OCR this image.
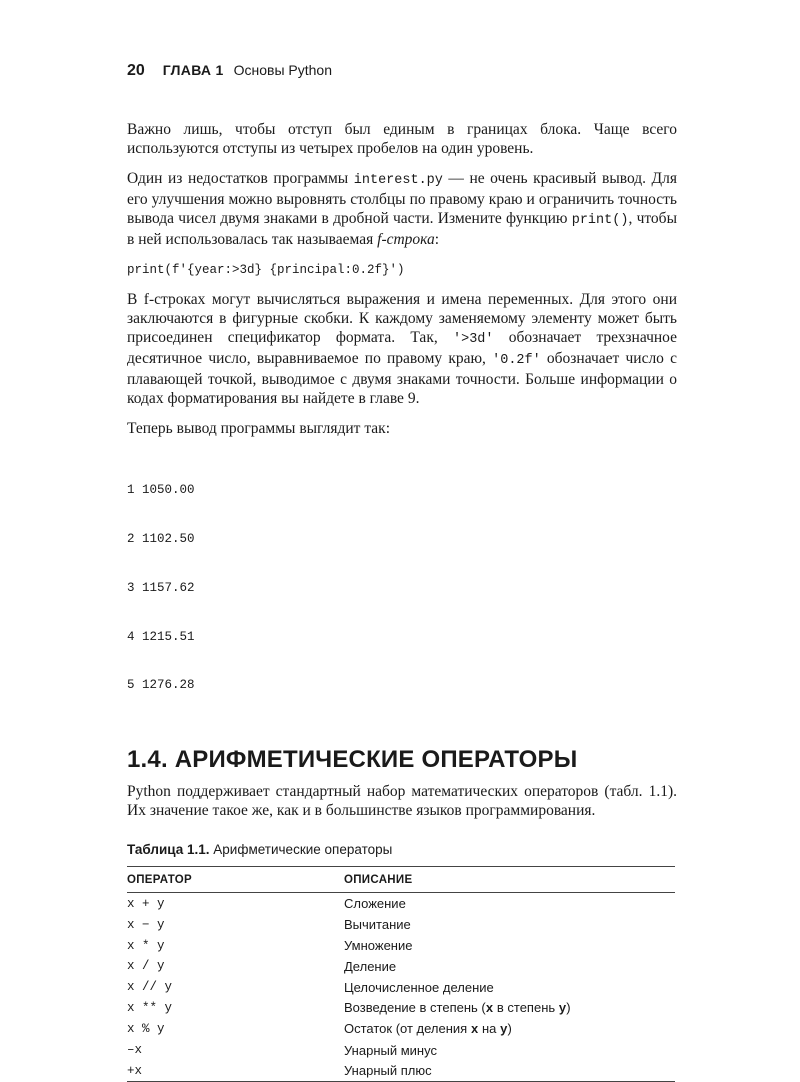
20 ГЛАВА 1 Основы Python

Важно лишь, чтобы отступ был единым в границах блока. Чаще всего используются отступы из четырех пробелов на один уровень.

Один из недостатков программы interest.py — не очень красивый вывод. Для его улучшения можно выровнять столбцы по правому краю и ограничить точность вывода чисел двумя знаками в дробной части. Измените функцию print(), чтобы в ней использовалась так называемая f-строка:

print(f'{year:>3d} {principal:0.2f}')

В f-строках могут вычисляться выражения и имена переменных. Для этого они заключаются в фигурные скобки. К каждому заменяемому элементу может быть присоединен спецификатор формата. Так, '>3d' обозначает трехзначное десятичное число, выравниваемое по правому краю, '0.2f' обозначает число с плавающей точкой, выводимое с двумя знаками точности. Больше информации о кодах форматирования вы найдете в главе 9.

Теперь вывод программы выглядит так:

1 1050.00

2 1102.50

3 1157.62

4 1215.51

5 1276.28

1.4. АРИФМЕТИЧЕСКИЕ ОПЕРАТОРЫ

Python поддерживает стандартный набор математических операторов (табл. 1.1). Их значение такое же, как и в большинстве языков программирования.

Таблица 1.1. Арифметические операторы
ОПЕРАТОР	ОПИСАНИЕ
x + y	Сложение
x − y	Вычитание
x * y	Умножение
x / y	Деление
x // y	Целочисленное деление
x ** y	Возведение в степень (x в степень y)
x % y	Остаток (от деления x на y)
–x	Унарный минус
+x	Унарный плюс
